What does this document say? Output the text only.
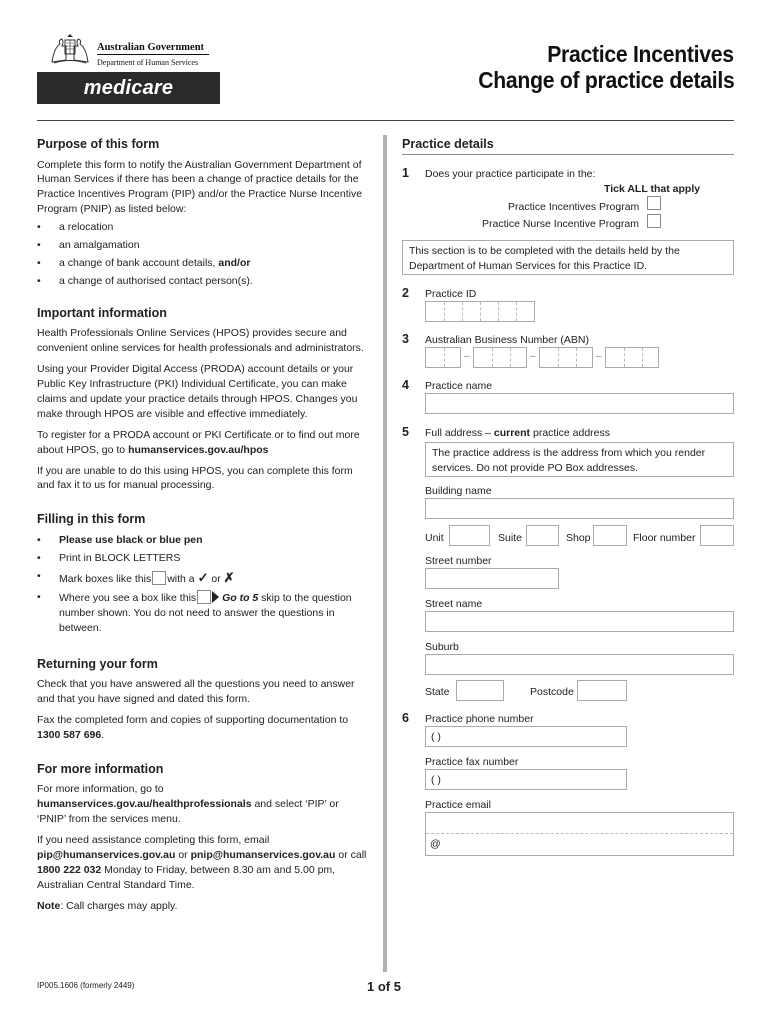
Australian Government
Department of Human Services
medicare
Practice Incentives
Change of practice details
Purpose of this form
Complete this form to notify the Australian Government Department of Human Services if there has been a change of practice details for the Practice Incentives Program (PIP) and/or the Practice Nurse Incentive Program (PNIP) as listed below:
•	a relocation
•	an amalgamation
•	a change of bank account details, and/or
•	a change of authorised contact person(s).
Important information
Health Professionals Online Services (HPOS) provides secure and convenient online services for health professionals and administrators.
Using your Provider Digital Access (PRODA) account details or your Public Key Infrastructure (PKI) Individual Certificate, you can make claims and update your practice details through HPOS. Changes you make through HPOS are visible and effective immediately.
To register for a PRODA account or PKI Certificate or to find out more about HPOS, go to humanservices.gov.au/hpos
If you are unable to do this using HPOS, you can complete this form and fax it to us for manual processing.
Filling in this form
•	Please use black or blue pen
•	Print in BLOCK LETTERS
•	Mark boxes like this with a ✓ or ✗
•	Where you see a box like this Go to 5 skip to the question number shown. You do not need to answer the questions in between.
Returning your form
Check that you have answered all the questions you need to answer and that you have signed and dated this form.
Fax the completed form and copies of supporting documentation to 1300 587 696.
For more information
For more information, go to humanservices.gov.au/healthprofessionals and select ‘PIP’ or ‘PNIP’ from the services menu.
If you need assistance completing this form, email pip@humanservices.gov.au or pnip@humanservices.gov.au or call 1800 222 032 Monday to Friday, between 8.30 am and 5.00 pm, Australian Central Standard Time.
Note: Call charges may apply.
Practice details
1 Does your practice participate in the:
Tick ALL that apply
Practice Incentives Program
Practice Nurse Incentive Program
This section is to be completed with the details held by the Department of Human Services for this Practice ID.
2 Practice ID
3 Australian Business Number (ABN)
–	–	–
4 Practice name
5 Full address – current practice address
The practice address is the address from which you render services. Do not provide PO Box addresses.
Building name
Unit	Suite	Shop	Floor number
Street number
Street name
Suburb
State	Postcode
6 Practice phone number
( )
Practice fax number
( )
Practice email
@
IP005.1606 (formerly 2449)	1 of 5
